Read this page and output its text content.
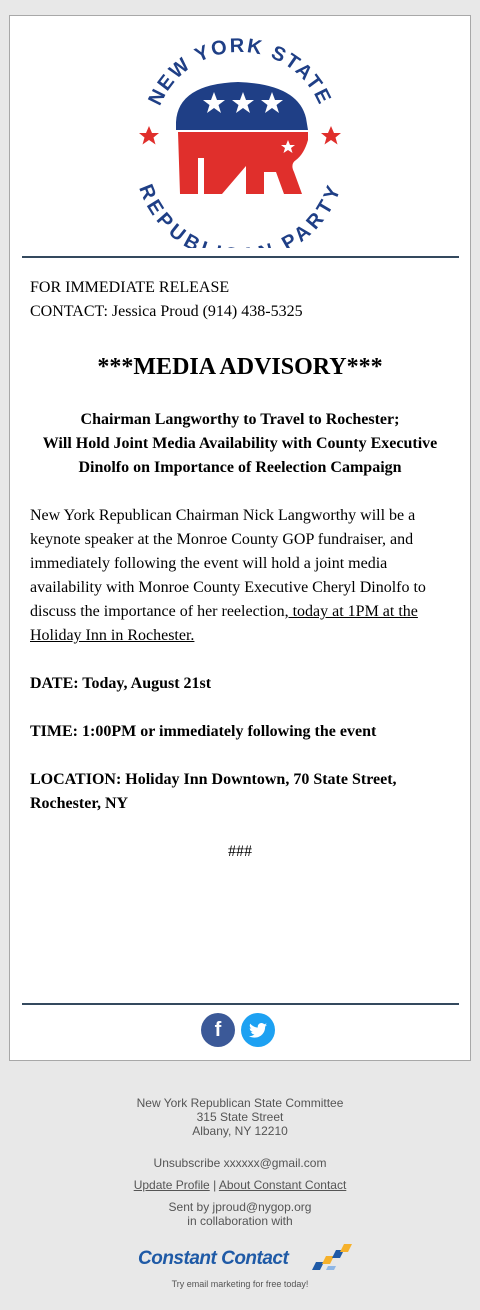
NEW YORK STATE
EPUB PART
FOR IMMEDIATE RELEASE
CONTACT: Jessica Proud (914) 438-5325
***MEDIA ADVISORY***
Chairman Langworthy to Travel to Rochester;
Will Hold Joint Media Availability with County Executive
Dinolfo on Importance of Reelection Campaign
New York Republican Chairman Nick Langworthy will be a keynote speaker at the Monroe County GOP fundraiser, and immediately following the event will hold a joint media availability with Monroe County Executive Cheryl Dinolfo to discuss the importance of her reelection, today at 1PM at the Holiday Inn in Rochester.
DATE: Today, August 21st
TIME: 1:00PM or immediately following the event
LOCATION: Holiday Inn Downtown, 70 State Street,
Rochester, NY
###
f
New York Republican State Committee
315 State Street
Albany, NY 12210
Unsubscribe xxxxxx@gmail.com
Update Profile | About Constant Contact
Sent by jproud@nygop.org
in collaboration with
Constant Contact
Try email marketing for free today!
